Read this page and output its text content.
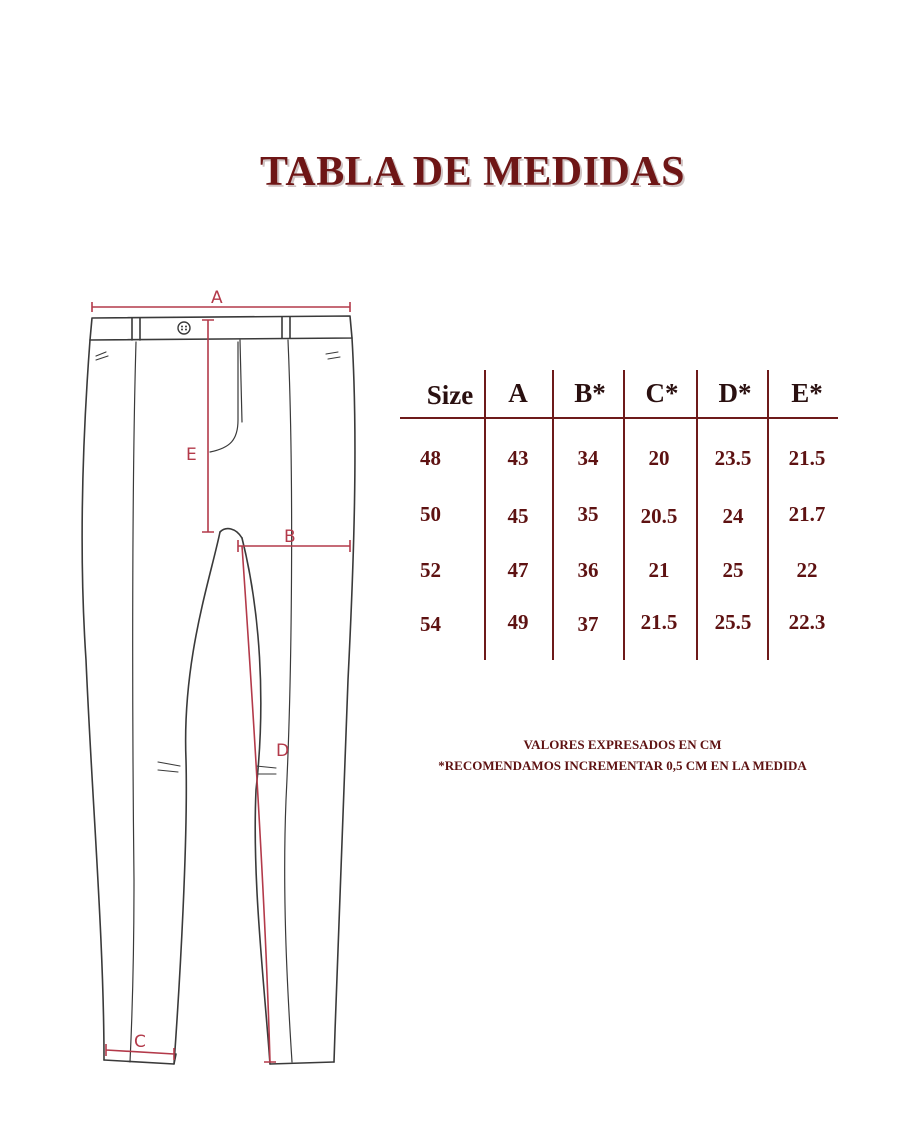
TABLA DE MEDIDAS
A
E
B
D
C
Size	A	B*	C*	D*	E*
48	43	34	20	23.5	21.5
50	45	35	20.5	24	21.7
52	47	36	21	25	22
54	49	37	21.5	25.5	22.3
VALORES EXPRESADOS EN CM
*RECOMENDAMOS INCREMENTAR 0,5 CM EN LA MEDIDA
